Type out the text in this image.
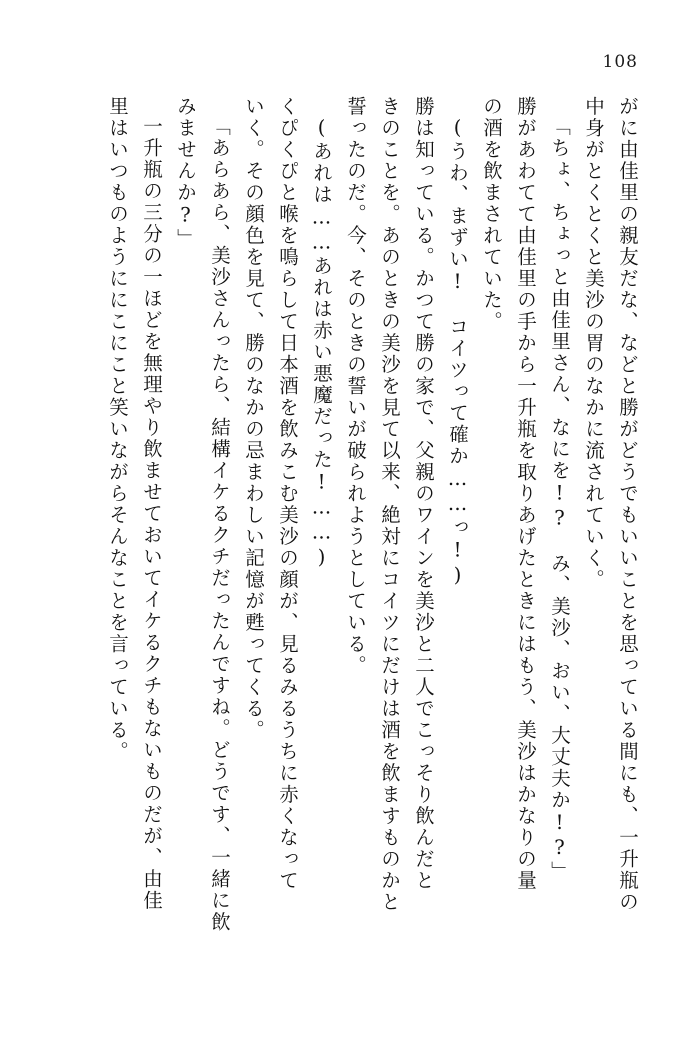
108
がに由佳里の親友だな、などと勝がどうでもいいことを思っている間にも、一升瓶の
中身がとくとくと美沙の胃のなかに流されていく。
「ちょ、ちょっと由佳里さん、なにを!?　み、美沙、おい、大丈夫か!?」
勝があわてて由佳里の手から一升瓶を取りあげたときにはもう、美沙はかなりの量
の酒を飲まされていた。
(うわ、まずい!　コイツって確か……っ!)
勝は知っている。かつて勝の家で、父親のワインを美沙と二人でこっそり飲んだと
きのことを。あのときの美沙を見て以来、絶対にコイツにだけは酒を飲ますものかと
誓ったのだ。今、そのときの誓いが破られようとしている。
(あれは……あれは赤い悪魔だった!……)
くぴくぴと喉を鳴らして日本酒を飲みこむ美沙の顔が、見るみるうちに赤くなって
いく。その顔色を見て、勝のなかの忌まわしい記憶が甦ってくる。
「あらあら、美沙さんったら、結構イケるクチだったんですね。どうです、一緒に飲
みませんか?」
一升瓶の三分の一ほどを無理やり飲ませておいてイケるクチもないものだが、由佳
里はいつものようににこにこと笑いながらそんなことを言っている。
